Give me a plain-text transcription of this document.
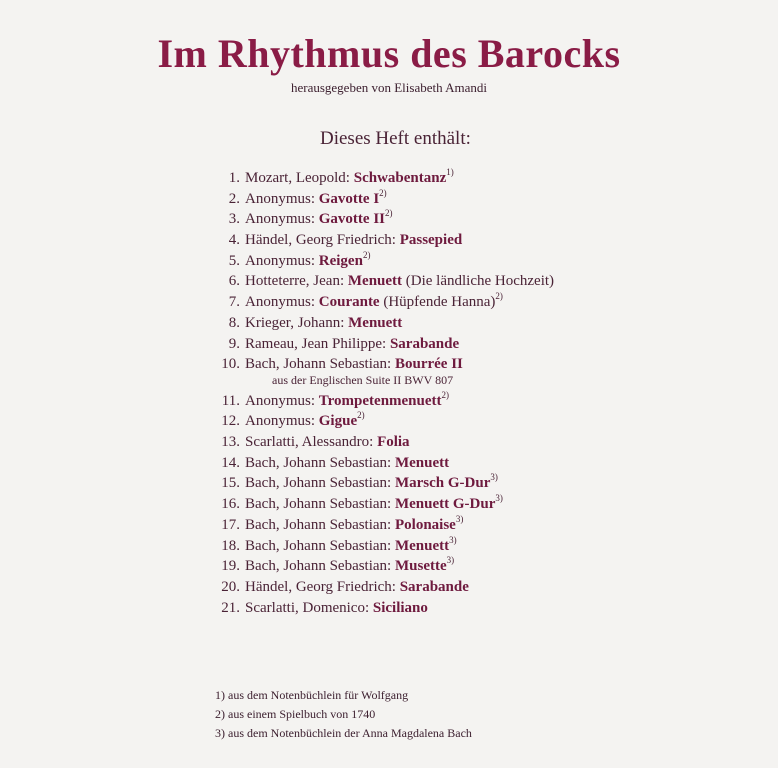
Im Rhythmus des Barocks
herausgegeben von Elisabeth Amandi
Dieses Heft enthält:
1. Mozart, Leopold: Schwabentanz$^{1)}$
2. Anonymus: Gavotte $I^{2)}$
3. Anonymus: Gavotte II$^{2)}$
4. Händel, Georg Friedrich: Passepied
5. Anonymus: Reigen$^{2)}$
6. Hotteterre, Jean: Menuett (Die ländliche Hochzeit)
7. Anonymus: Courante (Hüpfende Hanna)$^{2)}$
8. Krieger, Johann: Menuett
9. Rameau, Jean Philippe: Sarabande
10. Bach, Johann Sebastian: Bourrée II
aus der Englischen Suite II BWV 807
11. Anonymus: Trompetenmenuett$^{2)}$
12. Anonymus: Gigue$^{2)}$
13. Scarlatti, Alessandro: Folia
14. Bach, Johann Sebastian: Menuett
15. Bach, Johann Sebastian: Marsch G-Dur$^{3)}$
16. Bach, Johann Sebastian: Menuett G-Dur$^{3)}$
17. Bach, Johann Sebastian: Polonaise$^{3)}$
18. Bach, Johann Sebastian: Menuett$^{3)}$
19. Bach, Johann Sebastian: Musette$^{3)}$
20. Händel, Georg Friedrich: Sarabande
21. Scarlatti, Domenico: Siciliano
1) aus dem Notenbüchlein für Wolfgang
2) aus einem Spielbuch von 1740
3) aus dem Notenbüchlein der Anna Magdalena Bach
